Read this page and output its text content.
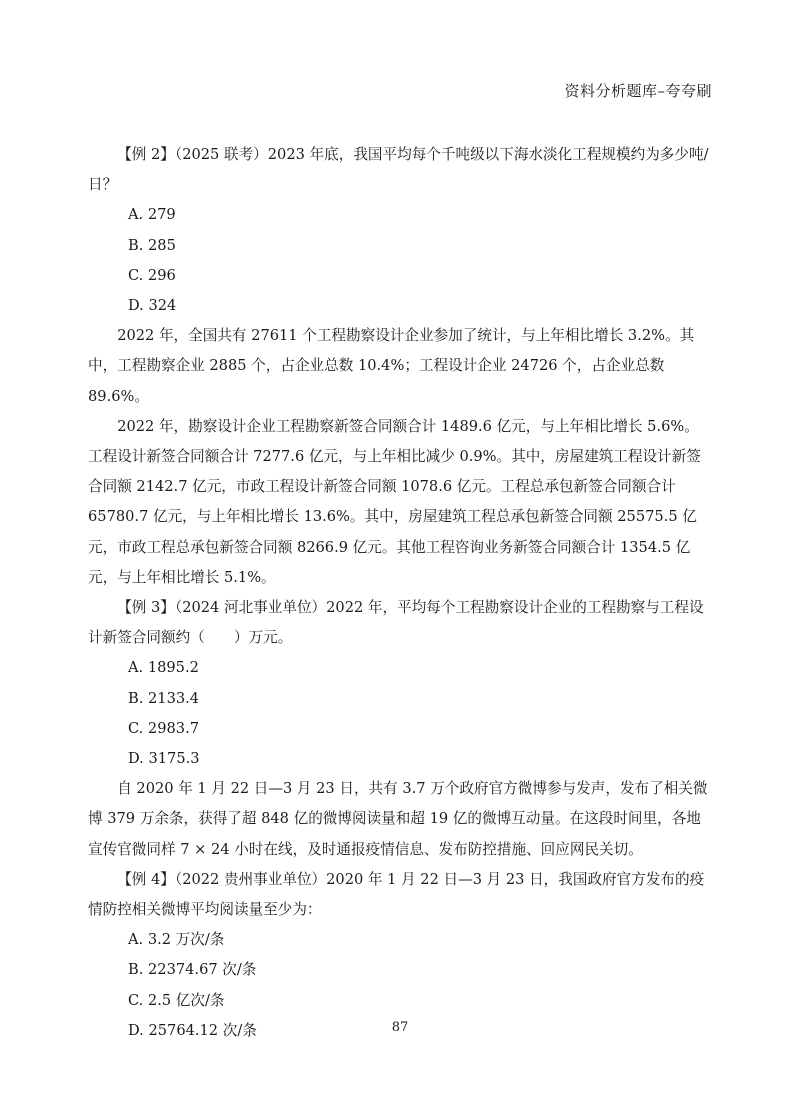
资料分析题库–夸夸刷

【例 2】（2025 联考）2023 年底，我国平均每个千吨级以下海水淡化工程规模约为多少吨/日？

A. 279

B. 285

C. 296

D. 324

2022 年，全国共有 27611 个工程勘察设计企业参加了统计，与上年相比增长 3.2%。其中，工程勘察企业 2885 个，占企业总数 10.4%；工程设计企业 24726 个，占企业总数 89.6%。

2022 年，勘察设计企业工程勘察新签合同额合计 1489.6 亿元，与上年相比增长 5.6%。工程设计新签合同额合计 7277.6 亿元，与上年相比减少 0.9%。其中，房屋建筑工程设计新签合同额 2142.7 亿元，市政工程设计新签合同额 1078.6 亿元。工程总承包新签合同额合计 65780.7 亿元，与上年相比增长 13.6%。其中，房屋建筑工程总承包新签合同额 25575.5 亿元，市政工程总承包新签合同额 8266.9 亿元。其他工程咨询业务新签合同额合计 1354.5 亿元，与上年相比增长 5.1%。

【例 3】（2024 河北事业单位）2022 年，平均每个工程勘察设计企业的工程勘察与工程设计新签合同额约（　　）万元。

A. 1895.2

B. 2133.4

C. 2983.7

D. 3175.3

自 2020 年 1 月 22 日—3 月 23 日，共有 3.7 万个政府官方微博参与发声，发布了相关微博 379 万余条，获得了超 848 亿的微博阅读量和超 19 亿的微博互动量。在这段时间里，各地宣传官微同样 7 × 24 小时在线，及时通报疫情信息、发布防控措施、回应网民关切。

【例 4】（2022 贵州事业单位）2020 年 1 月 22 日—3 月 23 日，我国政府官方发布的疫情防控相关微博平均阅读量至少为：

A. 3.2 万次/条

B. 22374.67 次/条

C. 2.5 亿次/条

D. 25764.12 次/条	87
